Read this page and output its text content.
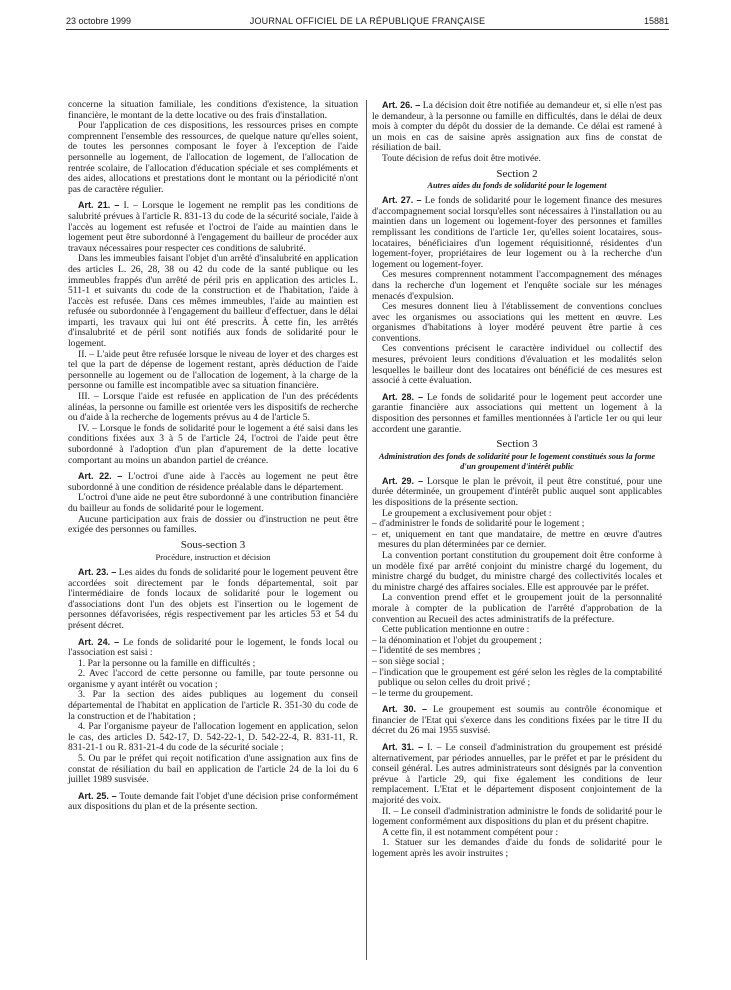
23 octobre 1999	JOURNAL OFFICIEL DE LA RÉPUBLIQUE FRANÇAISE	15881

concerne la situation familiale, les conditions d'existence, la situation financière, le montant de la dette locative ou des frais d'installation.

Pour l'application de ces dispositions, les ressources prises en compte comprennent l'ensemble des ressources, de quelque nature qu'elles soient, de toutes les personnes composant le foyer à l'exception de l'aide personnelle au logement, de l'allocation de logement, de l'allocation de rentrée scolaire, de l'allocation d'éducation spéciale et ses compléments et des aides, allocations et prestations dont le montant ou la périodicité n'ont pas de caractère régulier.

Art. 21. – I. – Lorsque le logement ne remplit pas les conditions de salubrité prévues à l'article R. 831-13 du code de la sécurité sociale, l'aide à l'accès au logement est refusée et l'octroi de l'aide au maintien dans le logement peut être subordonné à l'engagement du bailleur de procéder aux travaux nécessaires pour respecter ces conditions de salubrité.

Dans les immeubles faisant l'objet d'un arrêté d'insalubrité en application des articles L. 26, 28, 38 ou 42 du code de la santé publique ou les immeubles frappés d'un arrêté de péril pris en application des articles L. 511-1 et suivants du code de la construction et de l'habitation, l'aide à l'accès est refusée. Dans ces mêmes immeubles, l'aide au maintien est refusée ou subordonnée à l'engagement du bailleur d'effectuer, dans le délai imparti, les travaux qui lui ont été prescrits. À cette fin, les arrêtés d'insalubrité et de péril sont notifiés aux fonds de solidarité pour le logement.

II. – L'aide peut être refusée lorsque le niveau de loyer et des charges est tel que la part de dépense de logement restant, après déduction de l'aide personnelle au logement ou de l'allocation de logement, à la charge de la personne ou famille est incompatible avec sa situation financière.

III. – Lorsque l'aide est refusée en application de l'un des précédents alinéas, la personne ou famille est orientée vers les dispositifs de recherche ou d'aide à la recherche de logements prévus au 4 de l'article 5.

IV. – Lorsque le fonds de solidarité pour le logement a été saisi dans les conditions fixées aux 3 à 5 de l'article 24, l'octroi de l'aide peut être subordonné à l'adoption d'un plan d'apurement de la dette locative comportant au moins un abandon partiel de créance.

Art. 22. – L'octroi d'une aide à l'accès au logement ne peut être subordonné à une condition de résidence préalable dans le département.

L'octroi d'une aide ne peut être subordonné à une contribution financière du bailleur au fonds de solidarité pour le logement.

Aucune participation aux frais de dossier ou d'instruction ne peut être exigée des personnes ou familles.

Sous-section 3
Procédure, instruction et décision

Art. 23. – Les aides du fonds de solidarité pour le logement peuvent être accordées soit directement par le fonds départemental, soit par l'intermédiaire de fonds locaux de solidarité pour le logement ou d'associations dont l'un des objets est l'insertion ou le logement de personnes défavorisées, régis respectivement par les articles 53 et 54 du présent décret.

Art. 24. – Le fonds de solidarité pour le logement, le fonds local ou l'association est saisi :

1. Par la personne ou la famille en difficultés ;

2. Avec l'accord de cette personne ou famille, par toute personne ou organisme y ayant intérêt ou vocation ;

3. Par la section des aides publiques au logement du conseil départemental de l'habitat en application de l'article R. 351-30 du code de la construction et de l'habitation ;

4. Par l'organisme payeur de l'allocation logement en application, selon le cas, des articles D. 542-17, D. 542-22-1, D. 542-22-4, R. 831-11, R. 831-21-1 ou R. 831-21-4 du code de la sécurité sociale ;

5. Ou par le préfet qui reçoit notification d'une assignation aux fins de constat de résiliation du bail en application de l'article 24 de la loi du 6 juillet 1989 susvisée.

Art. 25. – Toute demande fait l'objet d'une décision prise conformément aux dispositions du plan et de la présente section.

Art. 26. – La décision doit être notifiée au demandeur et, si elle n'est pas le demandeur, à la personne ou famille en difficultés, dans le délai de deux mois à compter du dépôt du dossier de la demande. Ce délai est ramené à un mois en cas de saisine après assignation aux fins de constat de résiliation de bail.

Toute décision de refus doit être motivée.

Section 2
Autres aides du fonds de solidarité pour le logement

Art. 27. – Le fonds de solidarité pour le logement finance des mesures d'accompagnement social lorsqu'elles sont nécessaires à l'installation ou au maintien dans un logement ou logement-foyer des personnes et familles remplissant les conditions de l'article 1er, qu'elles soient locataires, sous-locataires, bénéficiaires d'un logement réquisitionné, résidentes d'un logement-foyer, propriétaires de leur logement ou à la recherche d'un logement ou logement-foyer.

Ces mesures comprennent notamment l'accompagnement des ménages dans la recherche d'un logement et l'enquête sociale sur les ménages menacés d'expulsion.

Ces mesures donnent lieu à l'établissement de conventions conclues avec les organismes ou associations qui les mettent en œuvre. Les organismes d'habitations à loyer modéré peuvent être partie à ces conventions.

Ces conventions précisent le caractère individuel ou collectif des mesures, prévoient leurs conditions d'évaluation et les modalités selon lesquelles le bailleur dont des locataires ont bénéficié de ces mesures est associé à cette évaluation.

Art. 28. – Le fonds de solidarité pour le logement peut accorder une garantie financière aux associations qui mettent un logement à la disposition des personnes et familles mentionnées à l'article 1er ou qui leur accordent une garantie.

Section 3
Administration des fonds de solidarité pour le logement constitués sous la forme d'un groupement d'intérêt public

Art. 29. – Lorsque le plan le prévoit, il peut être constitué, pour une durée déterminée, un groupement d'intérêt public auquel sont applicables les dispositions de la présente section.

Le groupement a exclusivement pour objet :

– d'administrer le fonds de solidarité pour le logement ;

– et, uniquement en tant que mandataire, de mettre en œuvre d'autres mesures du plan déterminées par ce dernier.

La convention portant constitution du groupement doit être conforme à un modèle fixé par arrêté conjoint du ministre chargé du logement, du ministre chargé du budget, du ministre chargé des collectivités locales et du ministre chargé des affaires sociales. Elle est approuvée par le préfet.

La convention prend effet et le groupement jouit de la personnalité morale à compter de la publication de l'arrêté d'approbation de la convention au Recueil des actes administratifs de la préfecture.

Cette publication mentionne en outre :

– la dénomination et l'objet du groupement ;

– l'identité de ses membres ;

– son siège social ;

– l'indication que le groupement est géré selon les règles de la comptabilité publique ou selon celles du droit privé ;

– le terme du groupement.

Art. 30. – Le groupement est soumis au contrôle économique et financier de l'Etat qui s'exerce dans les conditions fixées par le titre II du décret du 26 mai 1955 susvisé.

Art. 31. – I. – Le conseil d'administration du groupement est présidé alternativement, par périodes annuelles, par le préfet et par le président du conseil général. Les autres administrateurs sont désignés par la convention prévue à l'article 29, qui fixe également les conditions de leur remplacement. L'Etat et le département disposent conjointement de la majorité des voix.

II. – Le conseil d'administration administre le fonds de solidarité pour le logement conformément aux dispositions du plan et du présent chapitre.

A cette fin, il est notamment compétent pour :

1. Statuer sur les demandes d'aide du fonds de solidarité pour le logement après les avoir instruites ;
